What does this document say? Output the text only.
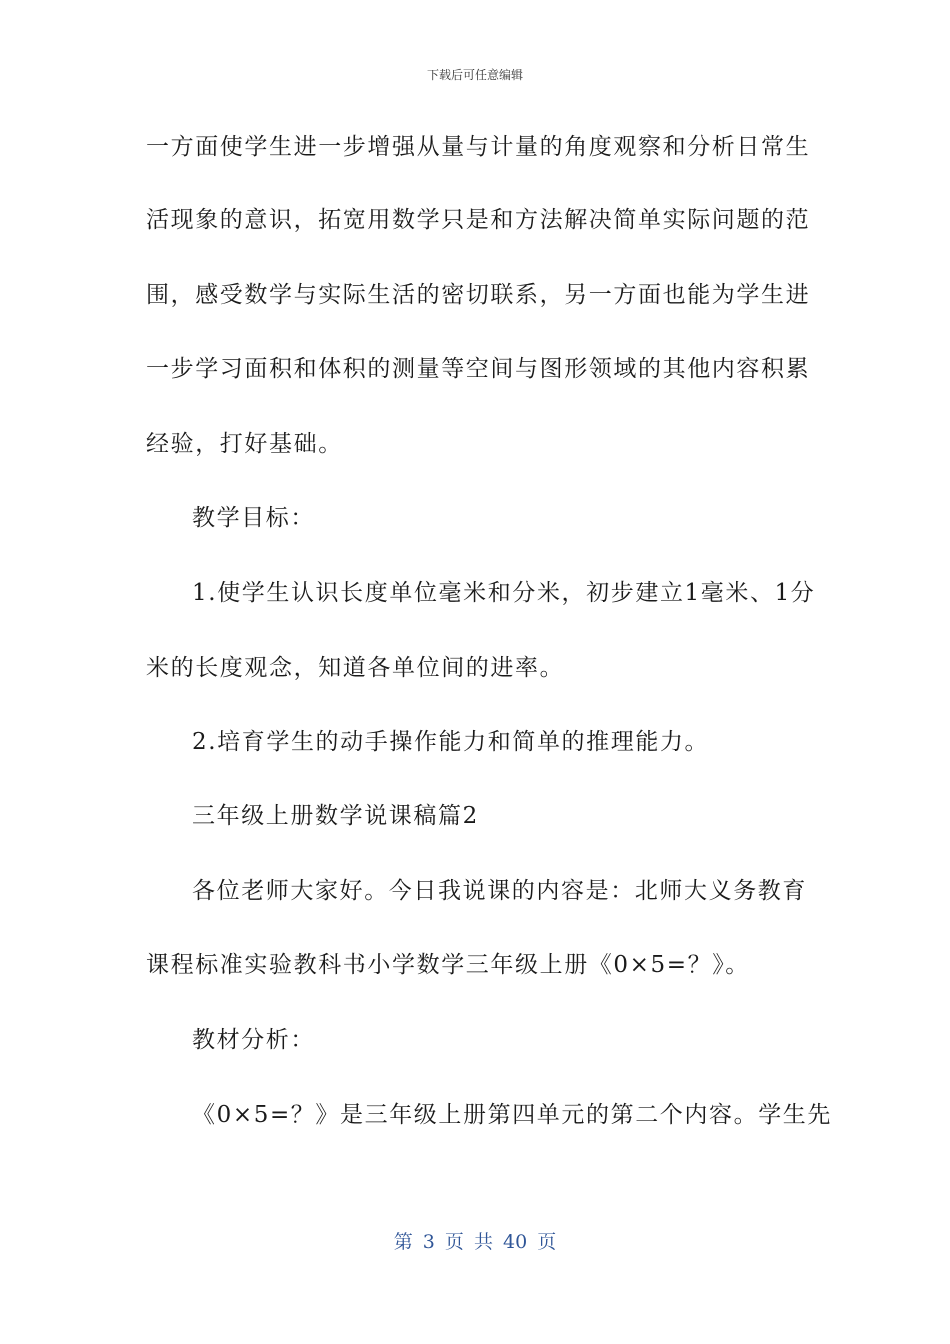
下载后可任意编辑
一方面使学生进一步增强从量与计量的角度观察和分析日常生
活现象的意识，拓宽用数学只是和方法解决简单实际问题的范
围，感受数学与实际生活的密切联系，另一方面也能为学生进
一步学习面积和体积的测量等空间与图形领域的其他内容积累
经验，打好基础。
教学目标：
1.使学生认识长度单位毫米和分米，初步建立1毫米、1分
米的长度观念，知道各单位间的进率。
2.培育学生的动手操作能力和简单的推理能力。
三年级上册数学说课稿篇2
各位老师大家好。今日我说课的内容是：北师大义务教育
课程标准实验教科书小学数学三年级上册《0×5=？》。
教材分析：
《0×5=？》是三年级上册第四单元的第二个内容。学生先
第 3 页 共 40 页
